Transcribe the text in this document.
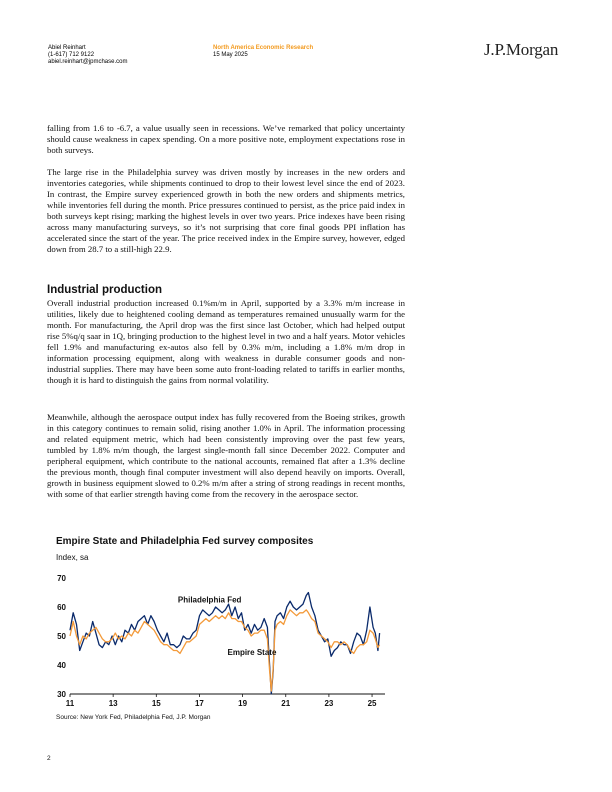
Abiel Reinhart
(1-617) 712 9122
abiel.reinhart@jpmchase.com
North America Economic Research
15 May 2025	J.P.Morgan

falling from 1.6 to -6.7, a value usually seen in recessions. We’ve remarked that policy uncertainty should cause weakness in capex spending. On a more positive note, employment expectations rose in both surveys.

The large rise in the Philadelphia survey was driven mostly by increases in the new orders and inventories categories, while shipments continued to drop to their lowest level since the end of 2023. In contrast, the Empire survey experienced growth in both the new orders and shipments metrics, while inventories fell during the month. Price pressures continued to persist, as the price paid index in both surveys kept rising; marking the highest levels in over two years. Price indexes have been rising across many manufacturing surveys, so it’s not surprising that core final goods PPI inflation has accelerated since the start of the year. The price received index in the Empire survey, however, edged down from 28.7 to a still-high 22.9.

Industrial production

Overall industrial production increased 0.1%m/m in April, supported by a 3.3% m/m increase in utilities, likely due to heightened cooling demand as temperatures remained unusually warm for the month. For manufacturing, the April drop was the first since last October, which had helped output rise 5%q/q saar in 1Q, bringing production to the highest level in two and a half years. Motor vehicles fell 1.9% and manufacturing ex-autos also fell by 0.3% m/m, including a 1.8% m/m drop in information processing equipment, along with weakness in durable consumer goods and non-industrial supplies. There may have been some auto front-loading related to tariffs in earlier months, though it is hard to distinguish the gains from normal volatility.

Meanwhile, although the aerospace output index has fully recovered from the Boeing strikes, growth in this category continues to remain solid, rising another 1.0% in April. The information processing and related equipment metric, which had been consistently improving over the past few years, tumbled by 1.8% m/m though, the largest single-month fall since December 2022. Computer and peripheral equipment, which contribute to the national accounts, remained flat after a 1.3% decline the previous month, though final computer investment will also depend heavily on imports. Overall, growth in business equipment slowed to 0.2% m/m after a string of strong readings in recent months, with some of that earlier strength having come from the recovery in the aerospace sector.

Empire State and Philadelphia Fed survey composites
Index, sa
30
40
50
60
70
11	13	15	17	19	21	23	25
Philadelphia Fed
Empire State
Source: New York Fed, Philadelphia Fed, J.P. Morgan
2
